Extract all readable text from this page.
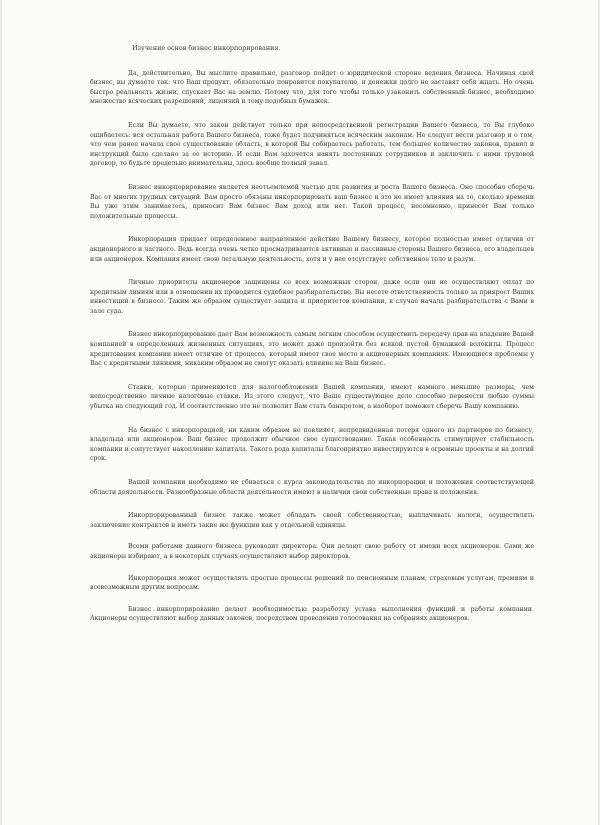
Изучение основ бизнес инкорпорирования.

Да, действительно, Вы мыслите правильно, разговор пойдет о юридической стороне ведения бизнеса. Начиная свой бизнес, вы думаете так: что Ваш продукт, обязательно понравится покупателю, и денежки долго не заставят себя ждать. Но очень быстро реальность жизни, спускает Вас на землю. Потому что, для того чтобы только узаконить собственный бизнес, необходимо множество всяческих разрешений, лицензий и тому подобных бумажек.

Если Вы думаете, что закон действует только при непосредственной регистрации Вашего бизнеса, то Вы глубоко ошибаетесь: вся остальная работа Вашего бизнеса, тоже будет подчиняться всяческим законам. Не следует вести разговор и о том, что чем ранее начала свое существование область, в которой Вы собираетесь работать, тем большее количество законов, правил и инструкций было сделано за ее историю. И если Вам захочется нанять постоянных сотрудников и заключить с ними трудовой договор, то будьте предельно внимательны, здесь вообще полный завал.

Бизнес инкорпорирование является неотъемлемой частью для развития и роста Вашего бизнеса. Оно способно сберечь Вас от многих трудных ситуаций. Вам просто обязаны инкорпорировать ваш бизнес и это не имеет влияния на то, сколько времени Вы уже этим занимаетесь, приносит Вам бизнес Вам доход или нет. Такой процесс, несомненно, принесет Вам только положительные процессы.

Инкорпорация придает определенное направленное действие Вашему бизнесу, которое полностью имеет отличия от акционерного и частного. Ведь всегда очень четко просматриваются активные и пассивные стороны Вашего бизнеса, его владельцев или акционеров. Компания имеет свою легальную деятельность, хотя и у нее отсутствует собственное тело и разум.

Личные приоритеты акционеров защищены со всех возможных сторон, даже если они не осуществляют оплат по кредитным линиям или в отношении их проводится судебное разбирательство. Вы несете ответственность только за приярост Ваших инвестиций в бизнесе. Таким же образом существует защита и приоритетов компании, в случае начала разбирательства с Вами в зале суда.

Бизнес инкорпорирование дает Вам возможность самым легким способом осуществить передачу прав на владение Вашей компанией в определенных жизненных ситуациях, это может даже произойти без всякой пустой бумажной волокиты. Процесс кредитования компании имеет отличие от процесса, который имеет свое место в акционерных компаниях. Имеющиеся проблемы у Вас с кредитными линиями, никаким образом не смогут оказать влияние на Ваш бизнес.

Ставки, которые применяются для налогообложения Вашей компании, имеют намного меньшие размеры, чем непосредственно личные налоговые ставки. Из этого следует, что Ваше существующее дело способно перенести любые суммы убытка на следующий год. И соответственно это не позволит Вам стать банкротом, а наоборот поможет сберечь Вашу компанию.

На бизнес с инкорпорацией, ни каким образом не повлияет, непредвиденная потеря одного из партнеров по бизнесу, владельца или акционеров. Ваш бизнес продолжит обычное свое существование. Такая особенность стимулирует стабильность компании и сопутствует накоплению капитала. Такого рода капиталы благоприятно инвестируются в огромные проекты и на долгий срок.

Вашей компании необходимо не сбиваться с курса законодательства по инкорпорации и положения соответствующей области деятельности. Разнообразные области деятельности имеют в наличии свои собственные права и положения.

Инкорпорированный бизнес также может обладать своей собственностью, выплачивать налоги, осуществлять заключение контрактов и иметь такие же функции как у отдельной единицы.

Всеми работами данного бизнеса руководит директора. Они делают свою работу от имени всех акционеров. Сами же акционеры избирают, а в некоторых случаях осуществляют выбор директоров.

Инкорпорация может осуществлять простые процессы решений по пенсионным планам, страховым услугам, премиям и всевозможным другим вопросам.

Бизнес инкорпорирование делает необходимостью разработку устава выполнения функций и работы компании. Акционеры осуществляют выбор данных законов, посредством проведения голосования на собраниях акционеров.
